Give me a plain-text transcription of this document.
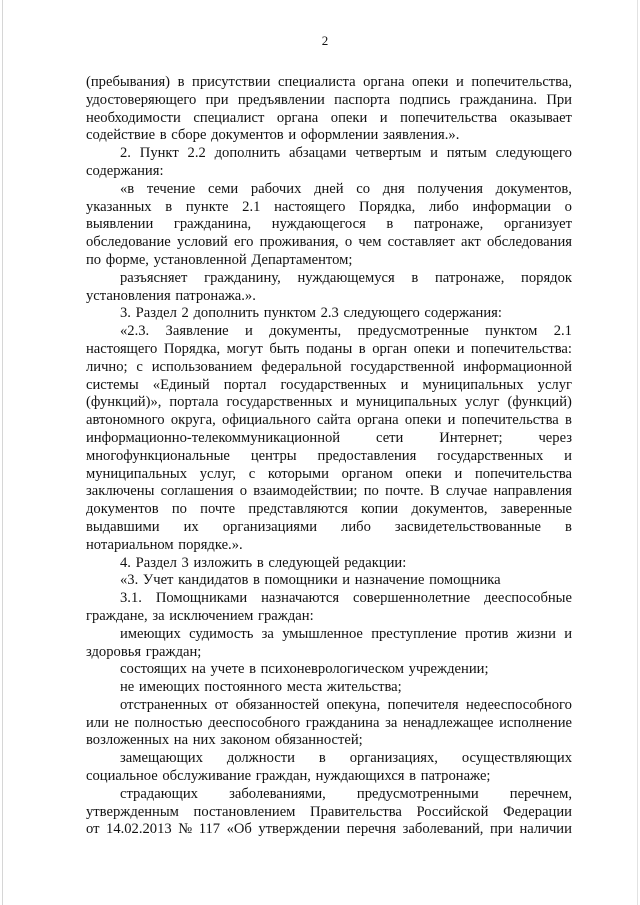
2
(пребывания) в присутствии специалиста органа опеки и попечительства,
удостоверяющего при предъявлении паспорта подпись гражданина. При
необходимости специалист органа опеки и попечительства оказывает
содействие в сборе документов и оформлении заявления.».
2. Пункт 2.2 дополнить абзацами четвертым и пятым следующего
содержания:
«в течение семи рабочих дней со дня получения документов,
указанных в пункте 2.1 настоящего Порядка, либо информации о
выявлении гражданина, нуждающегося в патронаже, организует
обследование условий его проживания, о чем составляет акт обследования
по форме, установленной Департаментом;
разъясняет гражданину, нуждающемуся в патронаже, порядок
установления патронажа.».
3. Раздел 2 дополнить пунктом 2.3 следующего содержания:
«2.3. Заявление и документы, предусмотренные пунктом 2.1
настоящего Порядка, могут быть поданы в орган опеки и попечительства:
лично; с использованием федеральной государственной информационной
системы «Единый портал государственных и муниципальных услуг
(функций)», портала государственных и муниципальных услуг (функций)
автономного округа, официального сайта органа опеки и попечительства в
информационно-телекоммуникационной сети Интернет; через
многофункциональные центры предоставления государственных и
муниципальных услуг, с которыми органом опеки и попечительства
заключены соглашения о взаимодействии; по почте. В случае направления
документов по почте представляются копии документов, заверенные
выдавшими их организациями либо засвидетельствованные в
нотариальном порядке.».
4. Раздел 3 изложить в следующей редакции:
«3. Учет кандидатов в помощники и назначение помощника
3.1. Помощниками назначаются совершеннолетние дееспособные
граждане, за исключением граждан:
имеющих судимость за умышленное преступление против жизни и
здоровья граждан;
состоящих на учете в психоневрологическом учреждении;
не имеющих постоянного места жительства;
отстраненных от обязанностей опекуна, попечителя недееспособного
или не полностью дееспособного гражданина за ненадлежащее исполнение
возложенных на них законом обязанностей;
замещающих должности в организациях, осуществляющих
социальное обслуживание граждан, нуждающихся в патронаже;
страдающих заболеваниями, предусмотренными перечнем,
утвержденным постановлением Правительства Российской Федерации
от 14.02.2013 № 117 «Об утверждении перечня заболеваний, при наличии
